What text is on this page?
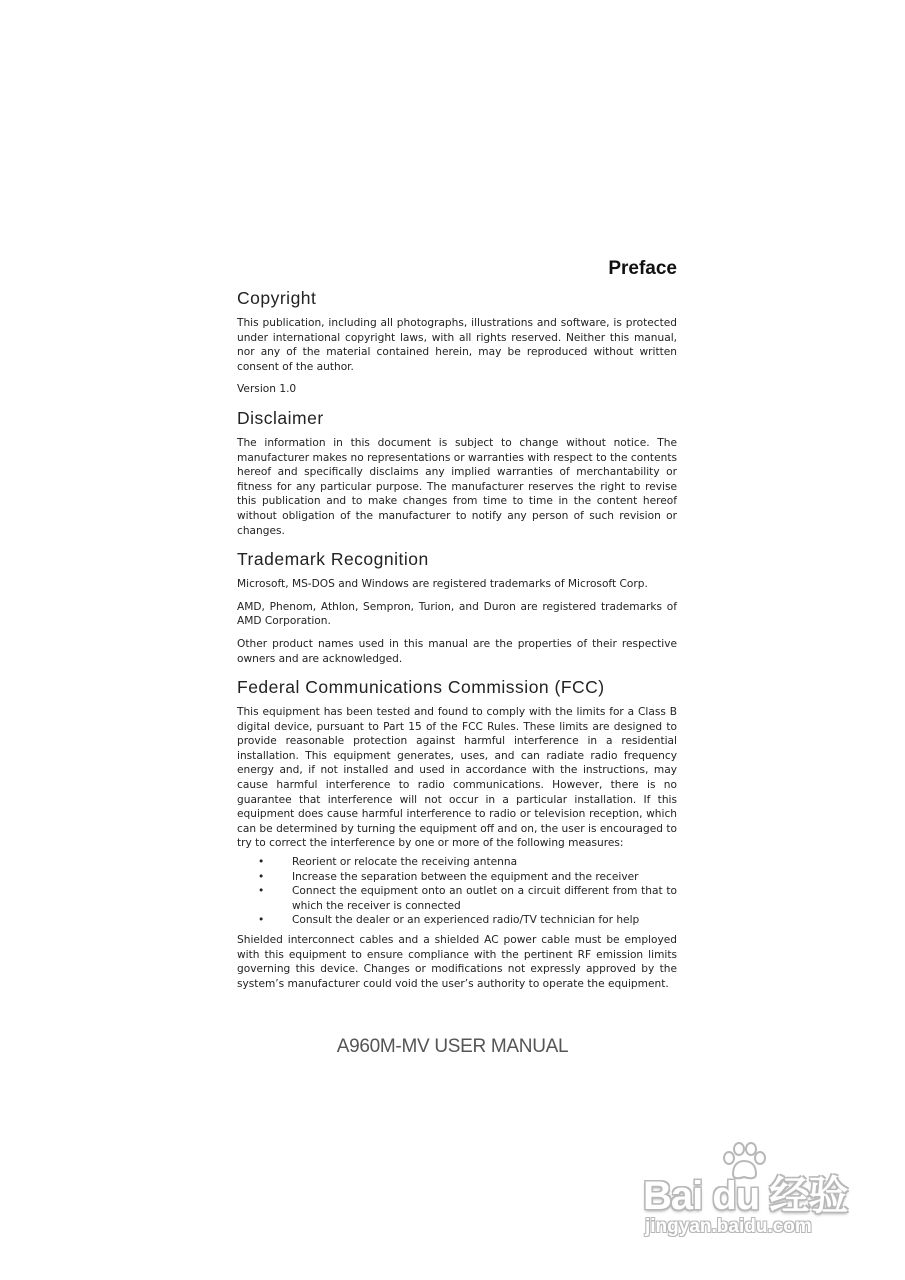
Preface
Copyright

This publication, including all photographs, illustrations and software, is protected under international copyright laws, with all rights reserved. Neither this manual, nor any of the material contained herein, may be reproduced without written consent of the author.

Version 1.0

Disclaimer

The information in this document is subject to change without notice. The manufacturer makes no representations or warranties with respect to the contents hereof and specifically disclaims any implied warranties of merchantability or fitness for any particular purpose. The manufacturer reserves the right to revise this publication and to make changes from time to time in the content hereof without obligation of the manufacturer to notify any person of such revision or changes.

Trademark Recognition

Microsoft, MS-DOS and Windows are registered trademarks of Microsoft Corp.

AMD, Phenom, Athlon, Sempron, Turion, and Duron are registered trademarks of AMD Corporation.

Other product names used in this manual are the properties of their respective owners and are acknowledged.

Federal Communications Commission (FCC)

This equipment has been tested and found to comply with the limits for a Class B digital device, pursuant to Part 15 of the FCC Rules. These limits are designed to provide reasonable protection against harmful interference in a residential installation. This equipment generates, uses, and can radiate radio frequency energy and, if not installed and used in accordance with the instructions, may cause harmful interference to radio communications. However, there is no guarantee that interference will not occur in a particular installation. If this equipment does cause harmful interference to radio or television reception, which can be determined by turning the equipment off and on, the user is encouraged to try to correct the interference by one or more of the following measures:

•	Reorient or relocate the receiving antenna
•	Increase the separation between the equipment and the receiver
•	Connect the equipment onto an outlet on a circuit different from that to which the receiver is connected
•	Consult the dealer or an experienced radio/TV technician for help

Shielded interconnect cables and a shielded AC power cable must be employed with this equipment to ensure compliance with the pertinent RF emission limits governing this device. Changes or modifications not expressly approved by the system’s manufacturer could void the user’s authority to operate the equipment.

A960M-MV USER MANUAL
Bai du 经验
jingyan.baidu.com
